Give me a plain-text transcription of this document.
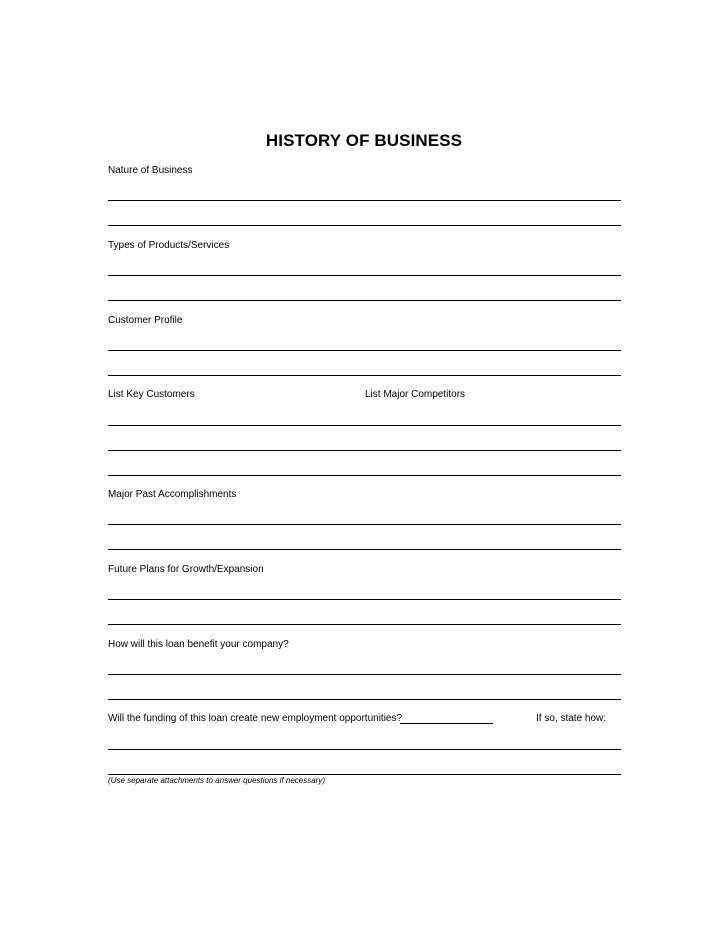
HISTORY OF BUSINESS
Nature of Business
Types of Products/Services
Customer Profile
List Key Customers	List Major Competitors
Major Past Accomplishments
Future Plans for Growth/Expansion
How will this loan benefit your company?
Will the funding of this loan create new employment opportunities?	If so, state how:
(Use separate attachments to answer questions if necessary)
